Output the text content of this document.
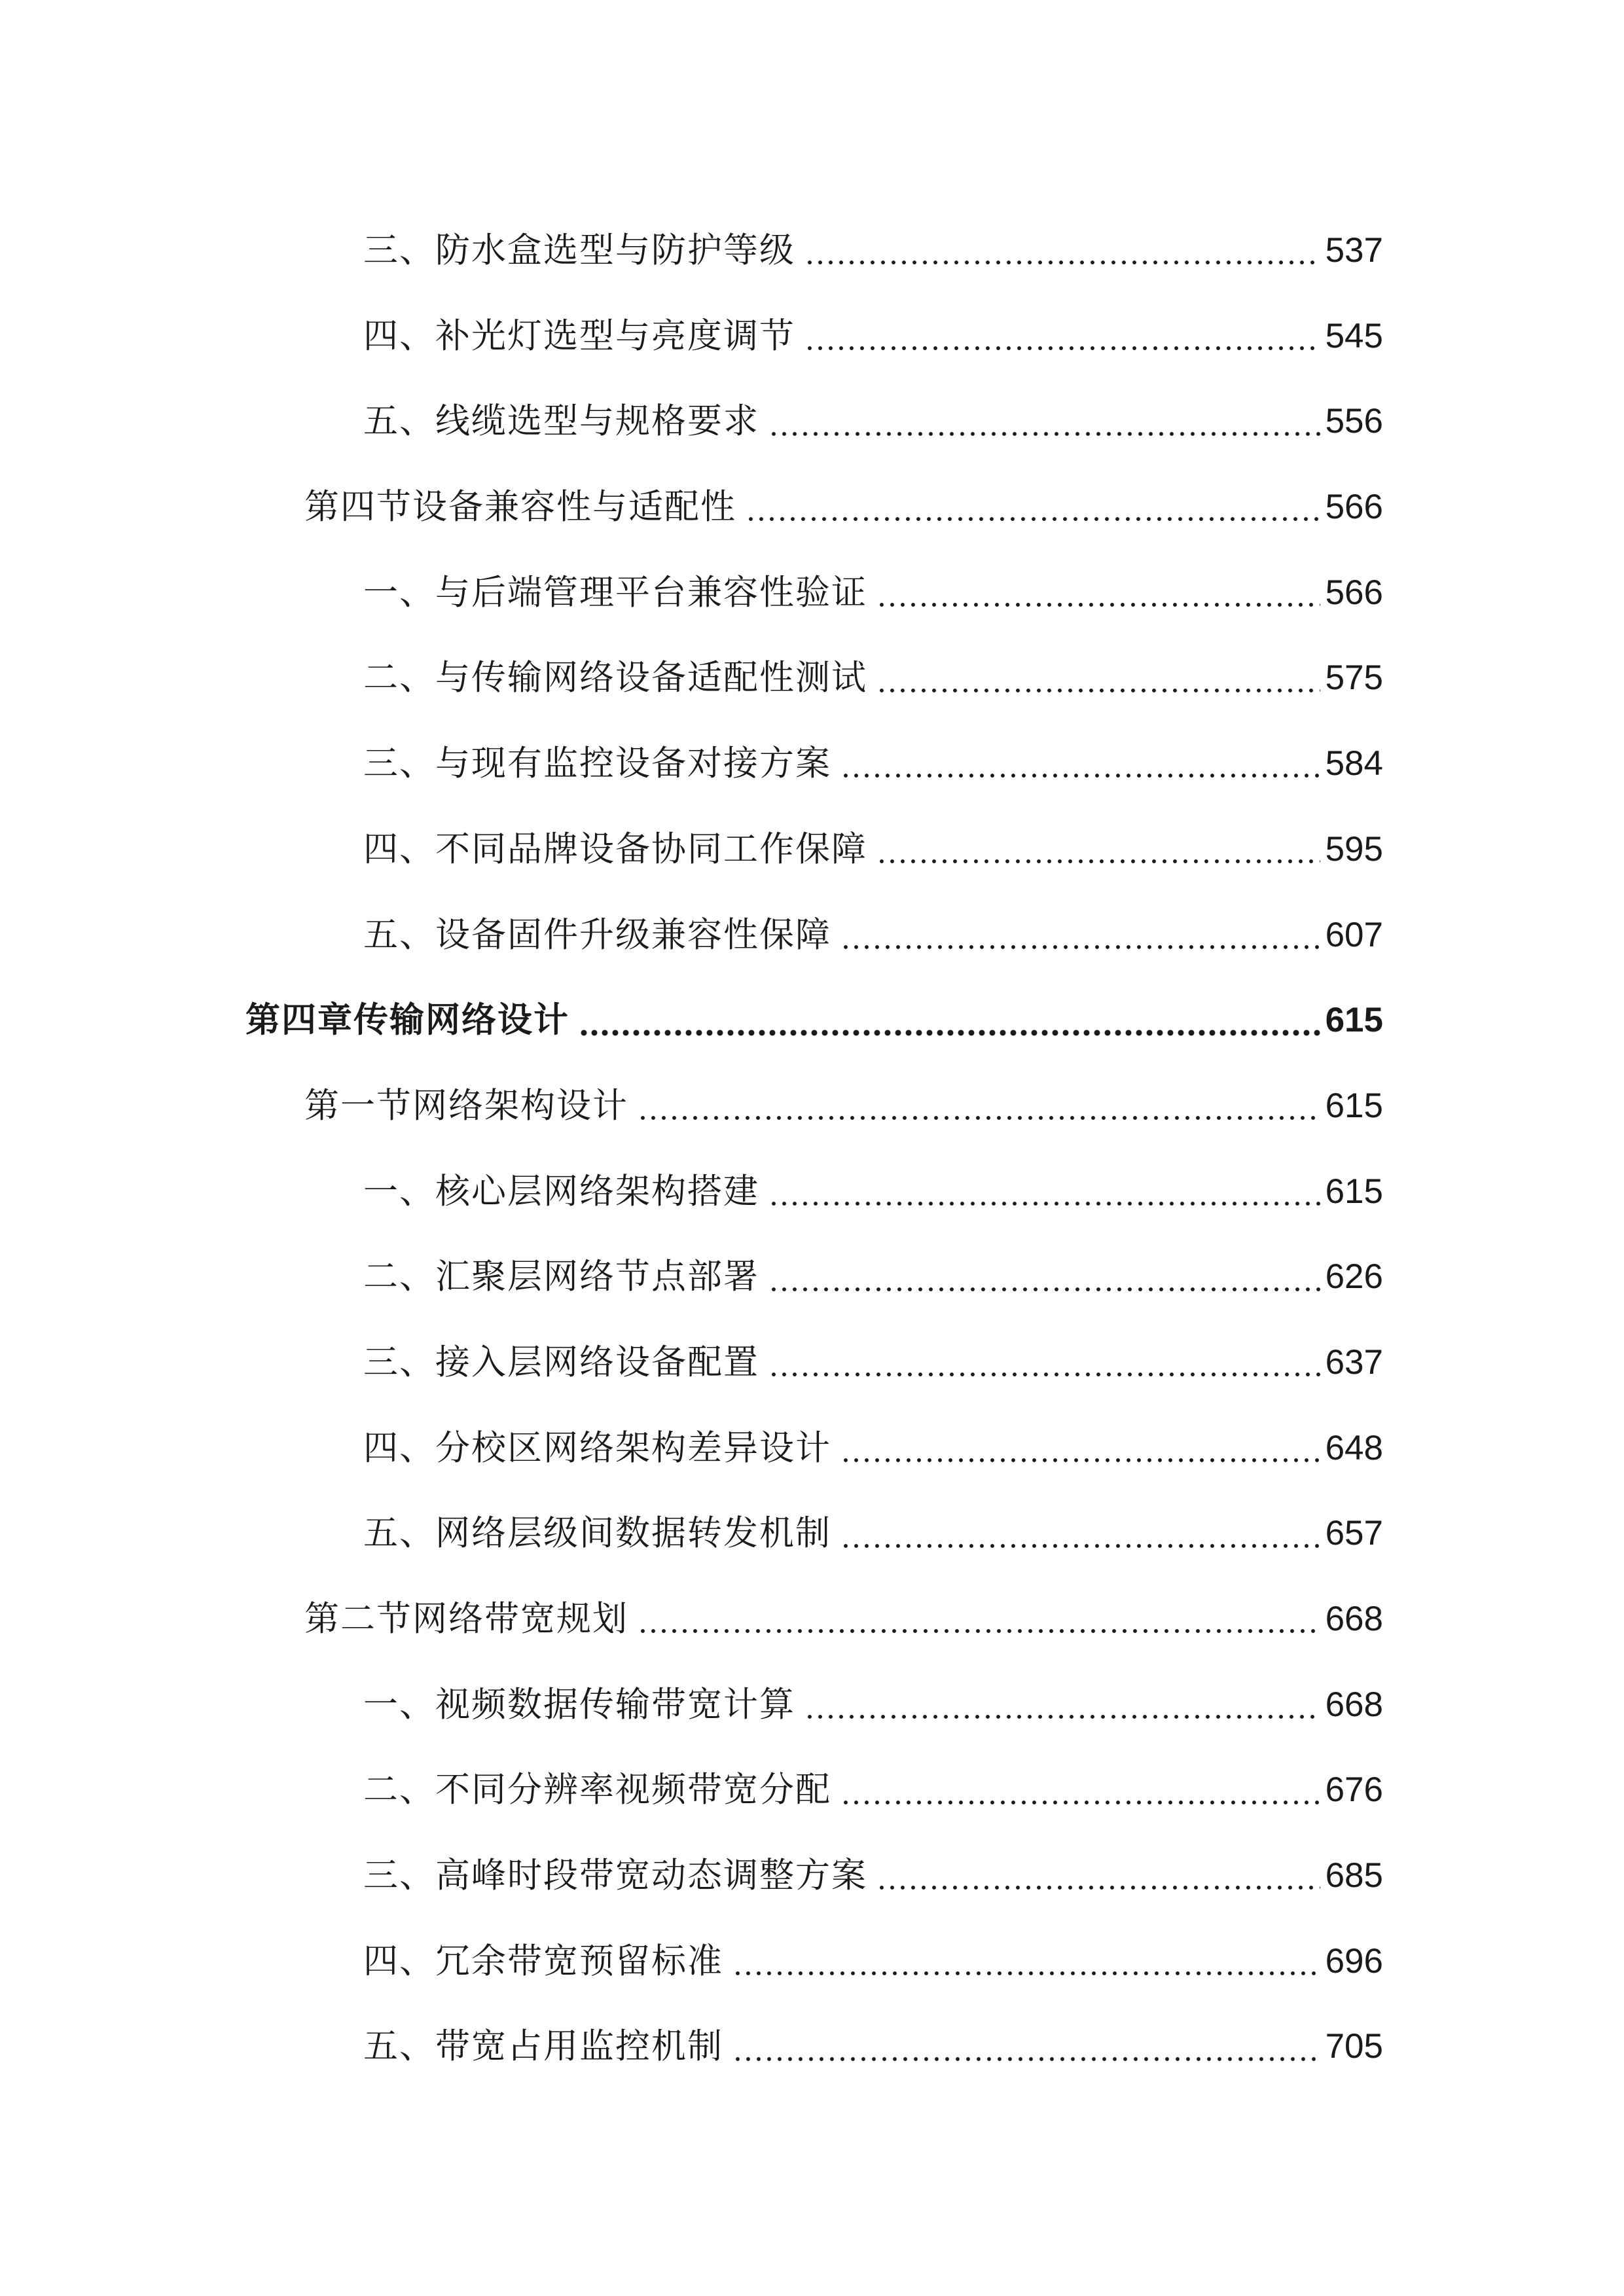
三、防水盒选型与防护等级	537
四、补光灯选型与亮度调节	545
五、线缆选型与规格要求	556
第四节设备兼容性与适配性	566
一、与后端管理平台兼容性验证	566
二、与传输网络设备适配性测试	575
三、与现有监控设备对接方案	584
四、不同品牌设备协同工作保障	595
五、设备固件升级兼容性保障	607
第四章传输网络设计	615
第一节网络架构设计	615
一、核心层网络架构搭建	615
二、汇聚层网络节点部署	626
三、接入层网络设备配置	637
四、分校区网络架构差异设计	648
五、网络层级间数据转发机制	657
第二节网络带宽规划	668
一、视频数据传输带宽计算	668
二、不同分辨率视频带宽分配	676
三、高峰时段带宽动态调整方案	685
四、冗余带宽预留标准	696
五、带宽占用监控机制	705
